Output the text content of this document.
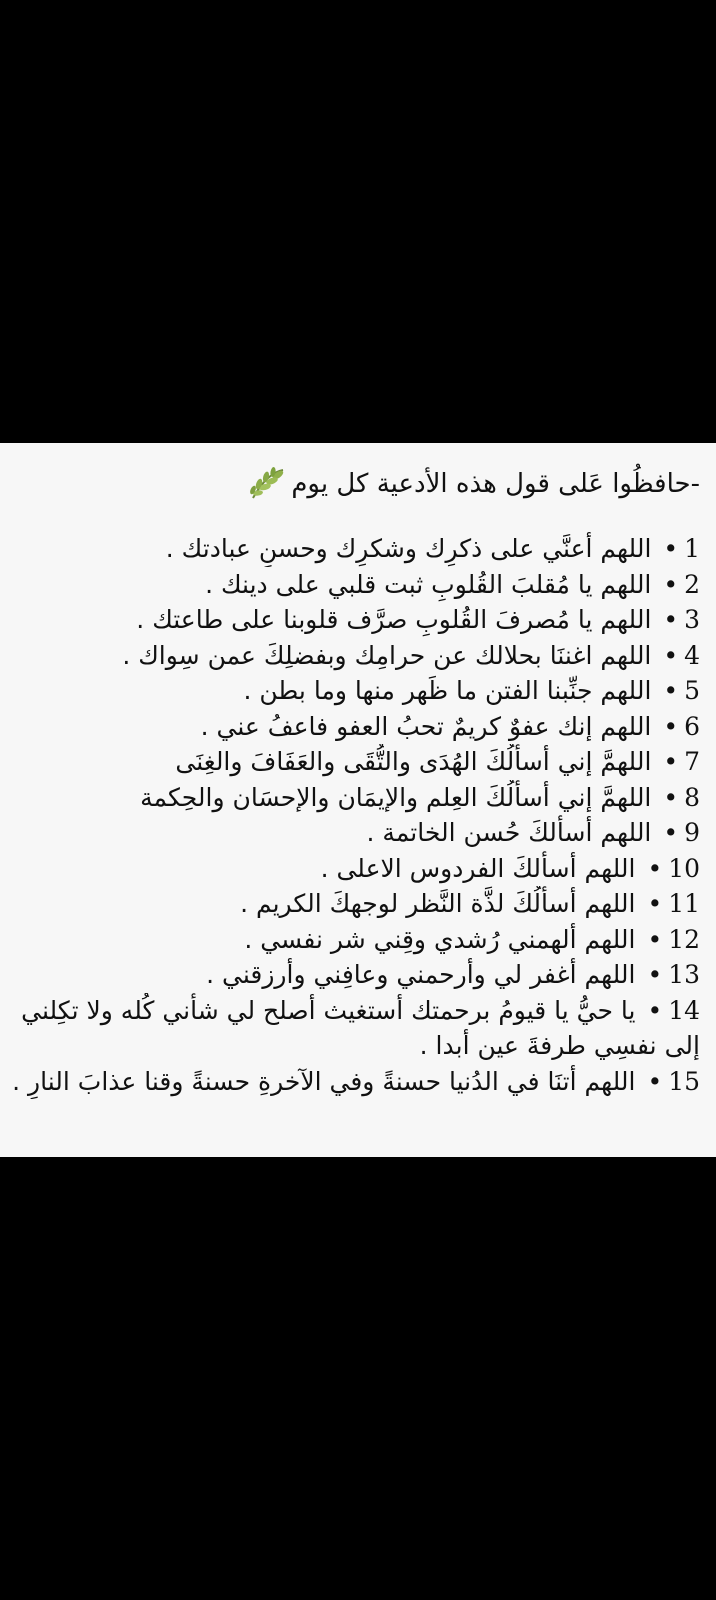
-حافظُوا عَلى قول هذه الأدعية كل يوم
1• اللهم أعنَّي على ذكرِك وشكرِك وحسنِ عبادتك .
2• اللهم يا مُقلبَ القُلوبِ ثبت قلبي على دينك .
3• اللهم يا مُصرفَ القُلوبِ صرَّف قلوبنا على طاعتك .
4• اللهم اغننَا بحلالك عن حرامِك وبفضلِكَ عمن سِواك .
5• اللهم جنِّبنا الفتن ما ظَهر منها وما بطن .
6• اللهم إنك عفوٌ كريمٌ تحبُ العفو فاعفُ عني .
7• اللهمَّ إني أسألُكَ الهُدَى والتُّقَى والعَفَافَ والغِنَى
8• اللهمَّ إني أسألُكَ العِلم والإيمَان والإحسَان والحِكمة
9• اللهم أسألكَ حُسن الخاتمة .
10• اللهم أسألكَ الفردوس الاعلى .
11• اللهم أسألُكَ لذَّة النَّظر لوجهكَ الكريم .
12• اللهم ألهمني رُشدي وقِني شر نفسي .
13• اللهم أغفر لي وأرحمني وعافِني وأرزقني .
14• يا حيُّ يا قيومُ برحمتك أستغيث أصلح لي شأني كُله ولا تكِلني إلى نفسِي طرفةَ عين أبدا .
15• اللهم أتنَا في الدُنيا حسنةً وفي الآخرةِ حسنةً وقنا عذابَ النارِ .
